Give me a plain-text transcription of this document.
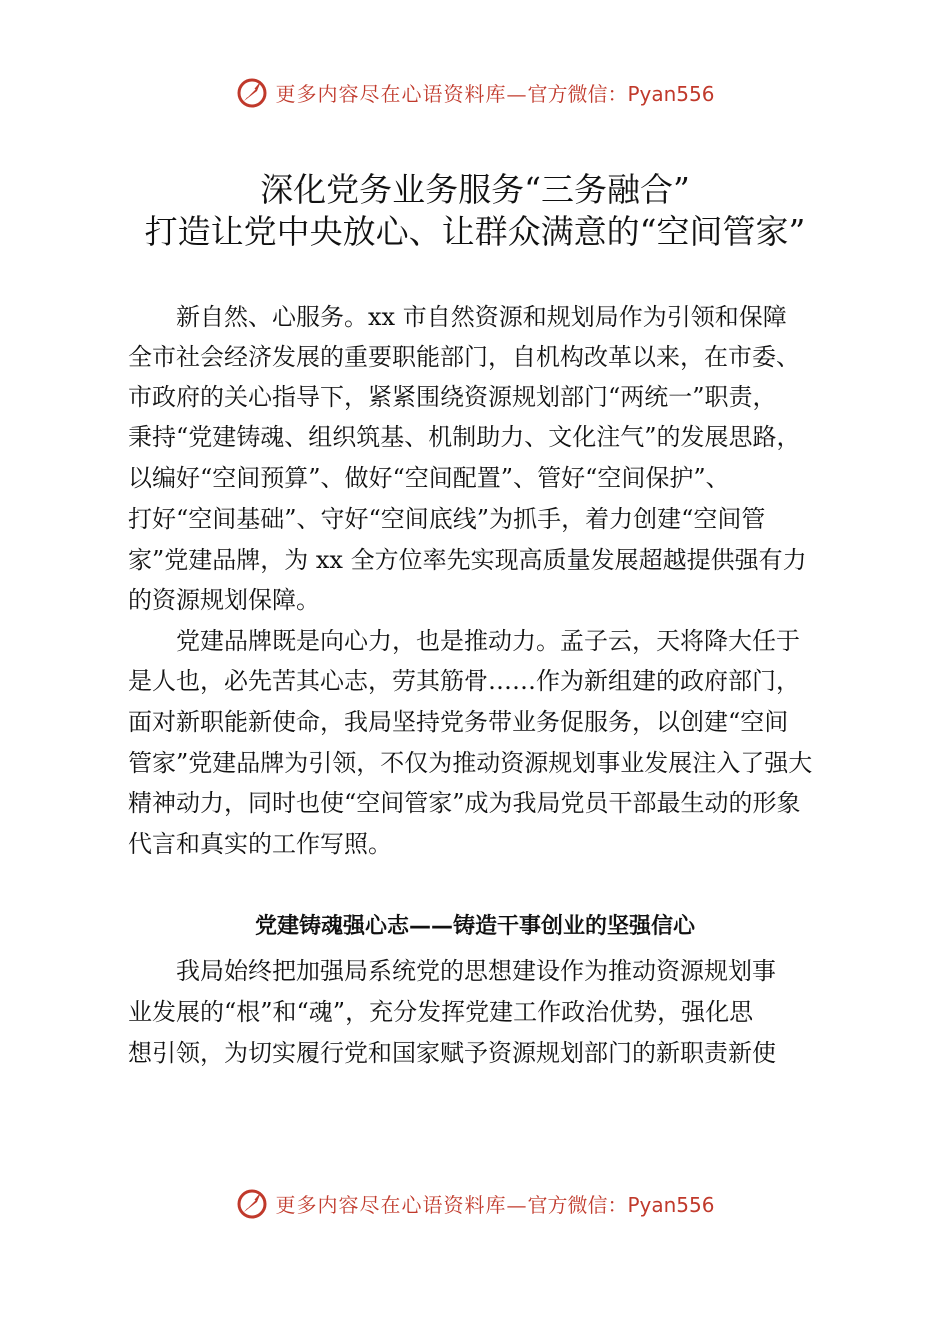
更多内容尽在心语资料库— 官方微信：Pyan556
深化党务业务服务“三务融合”
打造让党中央放心、让群众满意的“空间管家”
　　新自然、心服务。xx 市自然资源和规划局作为引领和保障
全市社会经济发展的重要职能部门，自机构改革以来，在市委、
市政府的关心指导下，紧紧围绕资源规划部门“两统一”职责，
秉持“党建铸魂、组织筑基、机制助力、文化注气”的发展思路，
以编好“空间预算”、做好“空间配置”、管好“空间保护”、
打好“空间基础”、守好“空间底线”为抓手，着力创建“空间管
家”党建品牌，为 xx 全方位率先实现高质量发展超越提供强有力
的资源规划保障。
　　党建品牌既是向心力，也是推动力。孟子云，天将降大任于
是人也，必先苦其心志，劳其筋骨……作为新组建的政府部门，
面对新职能新使命，我局坚持党务带业务促服务，以创建“空间
管家”党建品牌为引领，不仅为推动资源规划事业发展注入了强大
精神动力，同时也使“空间管家”成为我局党员干部最生动的形象
代言和真实的工作写照。
党建铸魂强心志——铸造干事创业的坚强信心
　　我局始终把加强局系统党的思想建设作为推动资源规划事
业发展的“根”和“魂”，充分发挥党建工作政治优势，强化思
想引领，为切实履行党和国家赋予资源规划部门的新职责新使
更多内容尽在心语资料库— 官方微信：Pyan556
